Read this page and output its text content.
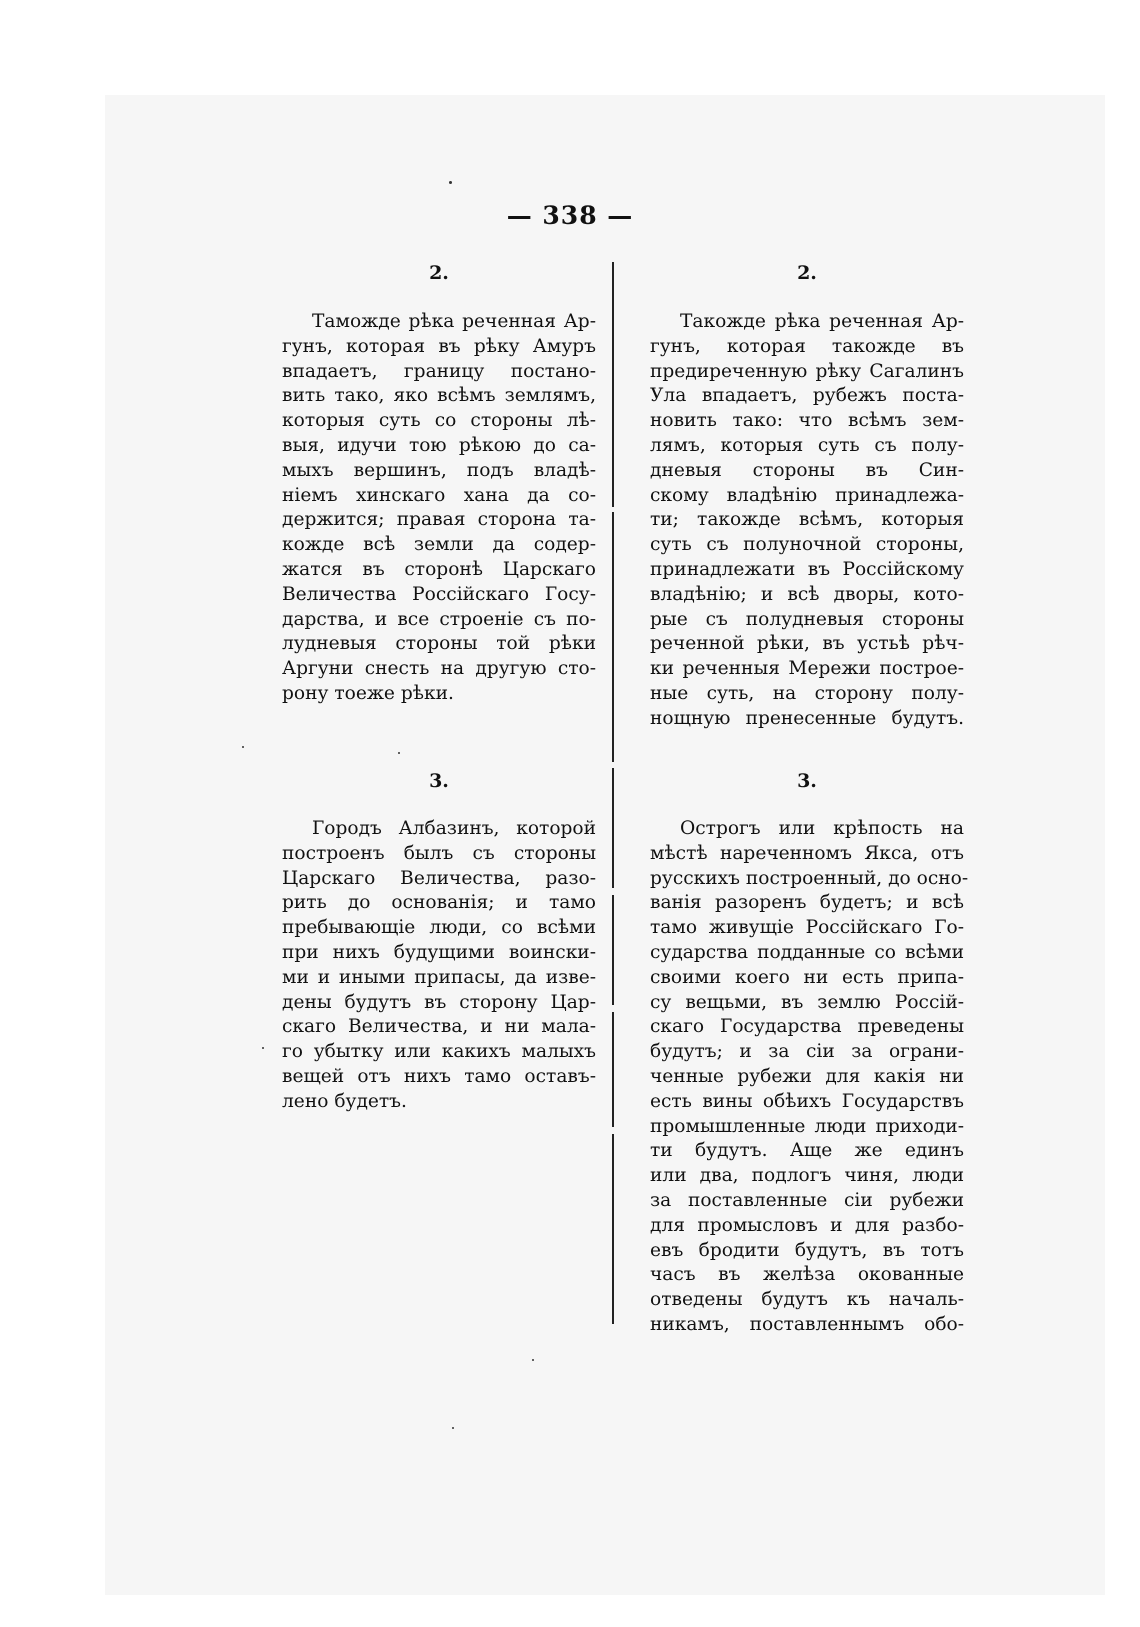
— 338 —
2.	2.
Таможде рѣка реченная Ар-
гунъ, которая въ рѣку Амуръ
впадаетъ, границу постано-
вить тако, яко всѣмъ землямъ,
которыя суть со стороны лѣ-
выя, идучи тою рѣкою до са-
мыхъ вершинъ, подъ владѣ-
ніемъ хинскаго хана да со-
держится; правая сторона та-
кожде всѣ земли да содер-
жатся въ сторонѣ Царскаго
Величества Россійскаго Госу-
дарства, и все строеніе съ по-
лудневыя стороны той рѣки
Аргуни снесть на другую сто-
рону тоеже рѣки.
Такожде рѣка реченная Ар-
гунъ, которая такожде въ
предиреченную рѣку Сагалинъ
Ула впадаетъ, рубежъ поста-
новить тако: что всѣмъ зем-
лямъ, которыя суть съ полу-
дневыя стороны въ Син-
скому владѣнію принадлежа-
ти; такожде всѣмъ, которыя
суть съ полуночной стороны,
принадлежати въ Россійскому
владѣнію; и всѣ дворы, кото-
рые съ полудневыя стороны
реченной рѣки, въ устьѣ рѣч-
ки реченныя Мережи построе-
ные суть, на сторону полу-
нощную пренесенные будутъ.
3.	3.
Городъ Албазинъ, которой
построенъ былъ съ стороны
Царскаго Величества, разо-
рить до основанія; и тамо
пребывающіе люди, со всѣми
при нихъ будущими воински-
ми и иными припасы, да изве-
дены будутъ въ сторону Цар-
скаго Величества, и ни мала-
го убытку или какихъ малыхъ
вещей отъ нихъ тамо оставъ-
лено будетъ.
Острогъ или крѣпость на
мѣстѣ нареченномъ Якса, отъ
русскихъ построенный, до осно-
ванія разоренъ будетъ; и всѣ
тамо живущіе Россійскаго Го-
сударства подданные со всѣми
своими коего ни есть припа-
су вещьми, въ землю Россій-
скаго Государства преведены
будутъ; и за сіи за ограни-
ченные рубежи для какія ни
есть вины обѣихъ Государствъ
промышленные люди приходи-
ти будутъ. Аще же единъ
или два, подлогъ чиня, люди
за поставленные сіи рубежи
для промысловъ и для разбо-
евъ бродити будутъ, въ тотъ
часъ въ желѣза окованные
отведены будутъ къ началь-
никамъ, поставленнымъ обо-
